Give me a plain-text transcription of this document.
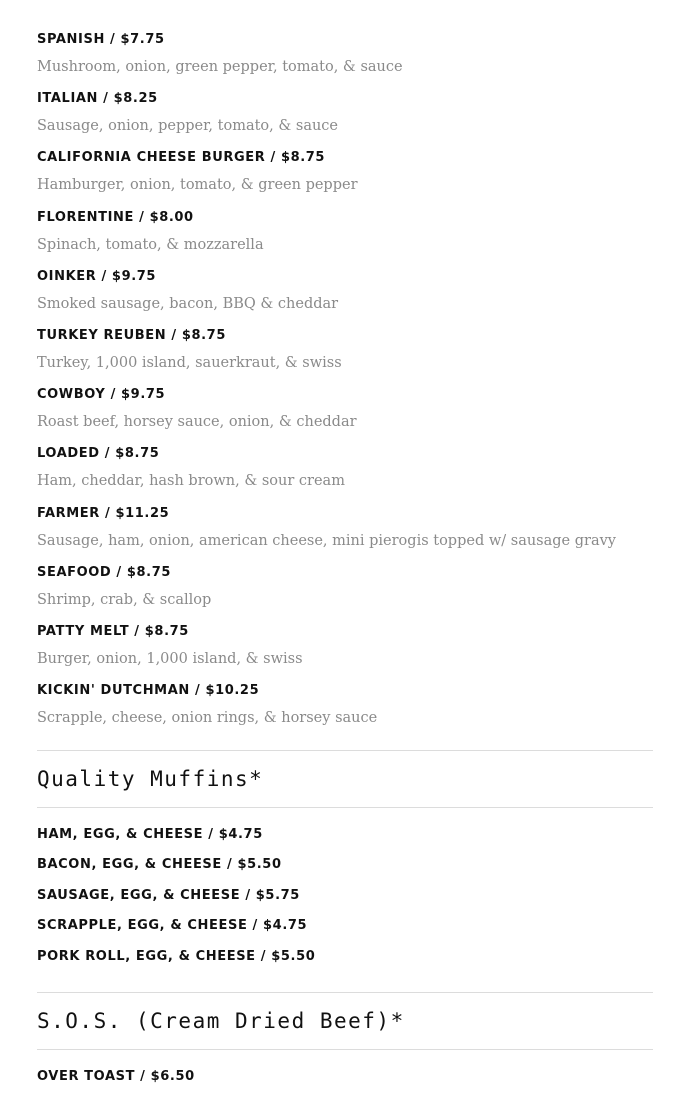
SPANISH / $7.75
Mushroom, onion, green pepper, tomato, & sauce
ITALIAN / $8.25
Sausage, onion, pepper, tomato, & sauce
CALIFORNIA CHEESE BURGER / $8.75
Hamburger, onion, tomato, & green pepper
FLORENTINE / $8.00
Spinach, tomato, & mozzarella
OINKER / $9.75
Smoked sausage, bacon, BBQ & cheddar
TURKEY REUBEN / $8.75
Turkey, 1,000 island, sauerkraut, & swiss
COWBOY / $9.75
Roast beef, horsey sauce, onion, & cheddar
LOADED / $8.75
Ham, cheddar, hash brown, & sour cream
FARMER / $11.25
Sausage, ham, onion, american cheese, mini pierogis topped w/ sausage gravy
SEAFOOD / $8.75
Shrimp, crab, & scallop
PATTY MELT / $8.75
Burger, onion, 1,000 island, & swiss
KICKIN' DUTCHMAN / $10.25
Scrapple, cheese, onion rings, & horsey sauce
Quality Muffins*
HAM, EGG, & CHEESE / $4.75
BACON, EGG, & CHEESE / $5.50
SAUSAGE, EGG, & CHEESE / $5.75
SCRAPPLE, EGG, & CHEESE / $4.75
PORK ROLL, EGG, & CHEESE / $5.50
S.O.S. (Cream Dried Beef)*
OVER TOAST / $6.50
